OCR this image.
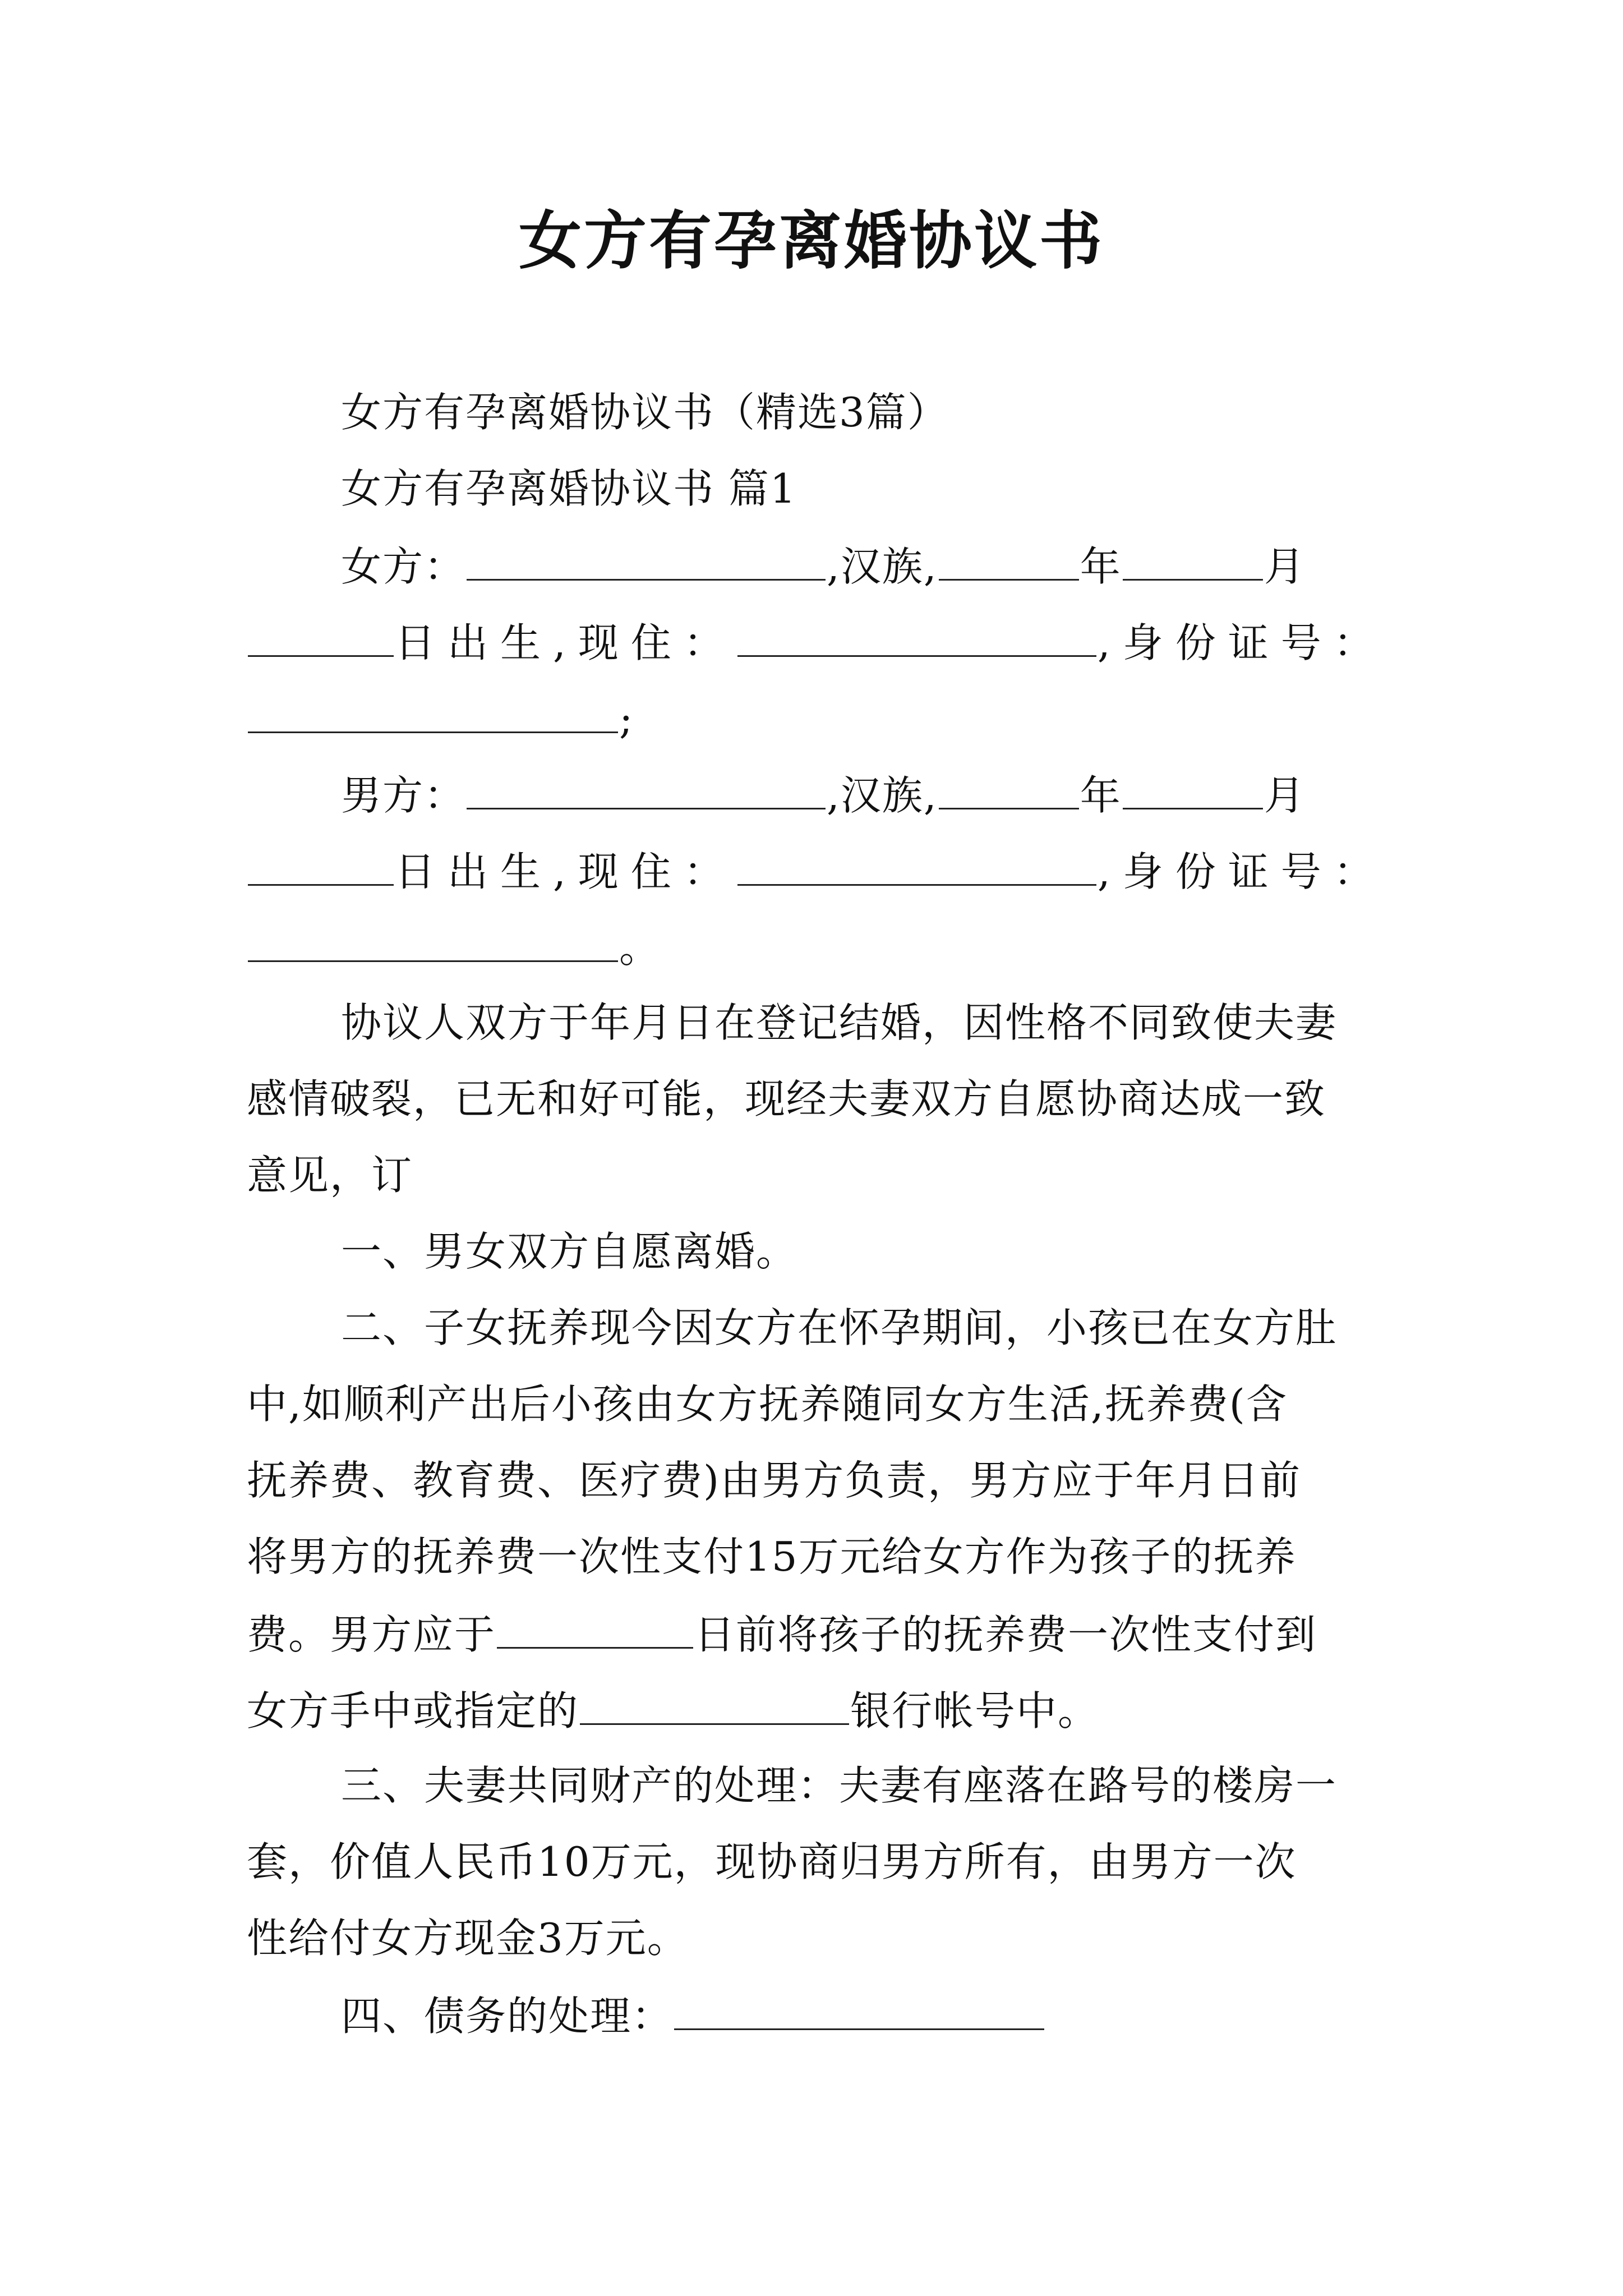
女方有孕离婚协议书
女方有孕离婚协议书（精选3篇）
女方有孕离婚协议书 篇1
女方：	,汉族,	年	月
日出生,现住：	,身份证号：
;
男方：	,汉族,	年	月
日出生,现住：	,身份证号：
。
协议人双方于年月日在登记结婚，因性格不同致使夫妻
感情破裂，已无和好可能，现经夫妻双方自愿协商达成一致
意见，订
一、男女双方自愿离婚。
二、子女抚养现今因女方在怀孕期间，小孩已在女方肚
中,如顺利产出后小孩由女方抚养随同女方生活,抚养费(含
抚养费、教育费、医疗费)由男方负责，男方应于年月日前
将男方的抚养费一次性支付15万元给女方作为孩子的抚养
费。男方应于	日前将孩子的抚养费一次性支付到
女方手中或指定的	银行帐号中。
三、夫妻共同财产的处理：夫妻有座落在路号的楼房一
套，价值人民币10万元，现协商归男方所有，由男方一次
性给付女方现金3万元。
四、债务的处理：
